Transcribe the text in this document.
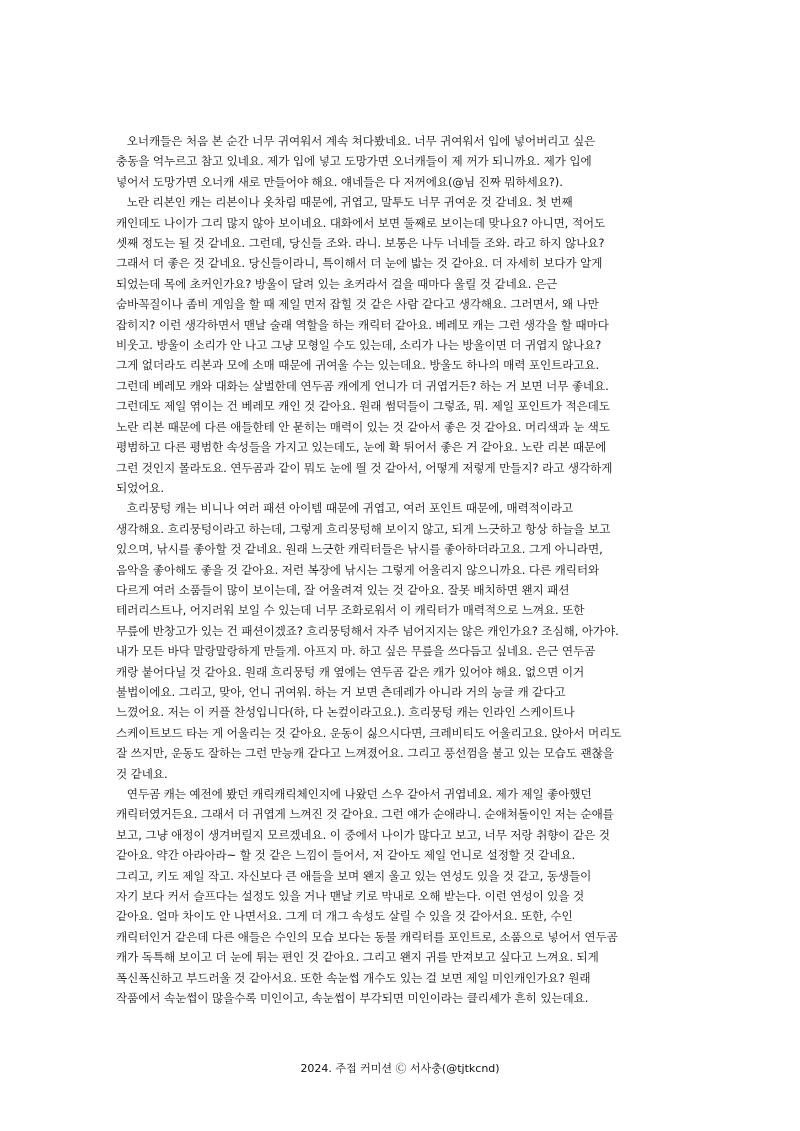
오너캐들은 처음 본 순간 너무 귀여워서 계속 쳐다봤네요. 너무 귀여워서 입에 넣어버리고 싶은
충동을 억누르고 참고 있네요. 제가 입에 넣고 도망가면 오너캐들이 제 꺼가 되니까요. 제가 입에
넣어서 도망가면 오너캐 새로 만들어야 해요. 얘네들은 다 저꺼에요(@님 진짜 뭐하세요?).
노란 리본인 캐는 리본이나 옷차림 때문에, 귀엽고, 말투도 너무 귀여운 것 같네요. 첫 번째
캐인데도 나이가 그리 많지 않아 보이네요. 대화에서 보면 둘째로 보이는데 맞나요? 아니면, 적어도
셋째 정도는 될 것 같네요. 그런데, 당신들 조와. 라니. 보통은 나두 너네들 조와. 라고 하지 않나요?
그래서 더 좋은 것 같네요. 당신들이라니, 특이해서 더 눈에 밟는 것 같아요. 더 자세히 보다가 알게
되었는데 목에 초커인가요? 방울이 달려 있는 초커라서 걸을 때마다 울릴 것 같네요. 은근
숨바꼭질이나 좀비 게임을 할 때 제일 먼저 잡힐 것 같은 사람 같다고 생각해요. 그러면서, 왜 나만
잡히지? 이런 생각하면서 맨날 술래 역할을 하는 캐릭터 같아요. 베레모 캐는 그런 생각을 할 때마다
비웃고. 방울이 소리가 안 나고 그냥 모형일 수도 있는데, 소리가 나는 방울이면 더 귀엽지 않나요?
그게 없더라도 리본과 모에 소매 때문에 귀여울 수는 있는데요. 방울도 하나의 매력 포인트라고요.
그런데 베레모 캐와 대화는 살벌한데 연두곰 캐에게 언니가 더 귀엽거든? 하는 거 보면 너무 좋네요.
그런데도 제일 엮이는 건 베레모 캐인 것 같아요. 원래 썸덕들이 그렇죠, 뭐. 제일 포인트가 적은데도
노란 리본 때문에 다른 애들한테 안 묻히는 매력이 있는 것 같아서 좋은 것 같아요. 머리색과 눈 색도
평범하고 다른 평범한 속성들을 가지고 있는데도, 눈에 확 튀어서 좋은 거 같아요. 노란 리본 때문에
그런 것인지 몰라도요. 연두곰과 같이 뭐도 눈에 띌 것 같아서, 어떻게 저렇게 만들지? 라고 생각하게
되었어요.
흐리뭉텅 캐는 비니나 여러 패션 아이템 때문에 귀엽고, 여러 포인트 때문에, 매력적이라고
생각해요. 흐리뭉텅이라고 하는데, 그렇게 흐리뭉텅해 보이지 않고, 되게 느긋하고 항상 하늘을 보고
있으며, 낚시를 좋아할 것 같네요. 원래 느긋한 캐릭터들은 낚시를 좋아하더라고요. 그게 아니라면,
음악을 좋아해도 좋을 것 같아요. 저런 복장에 낚시는 그렇게 어울리지 않으니까요. 다른 캐릭터와
다르게 여러 소품들이 많이 보이는데, 잘 어울려져 있는 것 같아요. 잘못 배치하면 왠지 패션
테러리스트나, 어지러워 보일 수 있는데 너무 조화로워서 이 캐릭터가 매력적으로 느껴요. 또한
무릎에 반창고가 있는 건 패션이겠죠? 흐리뭉텅해서 자주 넘어지지는 않은 캐인가요? 조심해, 아가야.
내가 모든 바닥 말랑말랑하게 만들게. 아프지 마. 하고 싶은 무릎을 쓰다듬고 싶네요. 은근 연두곰
캐랑 붙어다닐 것 같아요. 원래 흐리뭉텅 캐 옆에는 연두곰 같은 캐가 있어야 해요. 없으면 이거
불법이에요. 그리고, 맞아, 언니 귀여워. 하는 거 보면 츤데레가 아니라 거의 능글 캐 같다고
느꼈어요. 저는 이 커플 찬성입니다(하, 다 논컾이라고요.). 흐리뭉텅 캐는 인라인 스케이트나
스케이트보드 타는 게 어울리는 것 같아요. 운동이 싫으시다면, 크레비티도 어울리고요. 앉아서 머리도
잘 쓰지만, 운동도 잘하는 그런 만능캐 같다고 느껴졌어요. 그리고 풍선껌을 불고 있는 모습도 괜찮을
것 같네요.
연두곰 캐는 예전에 봤던 캐릭캐릭체인지에 나왔던 스우 같아서 귀엽네요. 제가 제일 좋아했던
캐릭터였거든요. 그래서 더 귀엽게 느껴진 것 같아요. 그런 얘가 순애라니. 순애쳐돌이인 저는 순애를
보고, 그냥 애정이 생겨버릴지 모르겠네요. 이 중에서 나이가 많다고 보고, 너무 저랑 취향이 같은 것
같아요. 약간 아라아라~ 할 것 같은 느낌이 들어서, 저 같아도 제일 언니로 설정할 것 같네요.
그리고, 키도 제일 작고. 자신보다 큰 애들을 보며 왠지 울고 있는 연성도 있을 것 같고, 동생들이
자기 보다 커서 슬프다는 설정도 있을 거나 맨날 키로 막내로 오해 받는다. 이런 연성이 있을 것
같아요. 얼마 차이도 안 나면서요. 그게 더 개그 속성도 살릴 수 있을 것 같아서요. 또한, 수인
캐릭터인거 같은데 다른 애들은 수인의 모습 보다는 동물 캐릭터를 포인트로, 소품으로 넣어서 연두곰
캐가 독특해 보이고 더 눈에 튀는 편인 것 같아요. 그리고 왠지 귀를 만져보고 싶다고 느껴요. 되게
폭신폭신하고 부드러울 것 같아서요. 또한 속눈썹 개수도 있는 걸 보면 제일 미인캐인가요? 원래
작품에서 속눈썹이 많을수록 미인이고, 속눈썹이 부각되면 미인이라는 클리셰가 흔히 있는데요.
2024. 주접 커미션 Ⓒ 서사충(@tjtkcnd)
